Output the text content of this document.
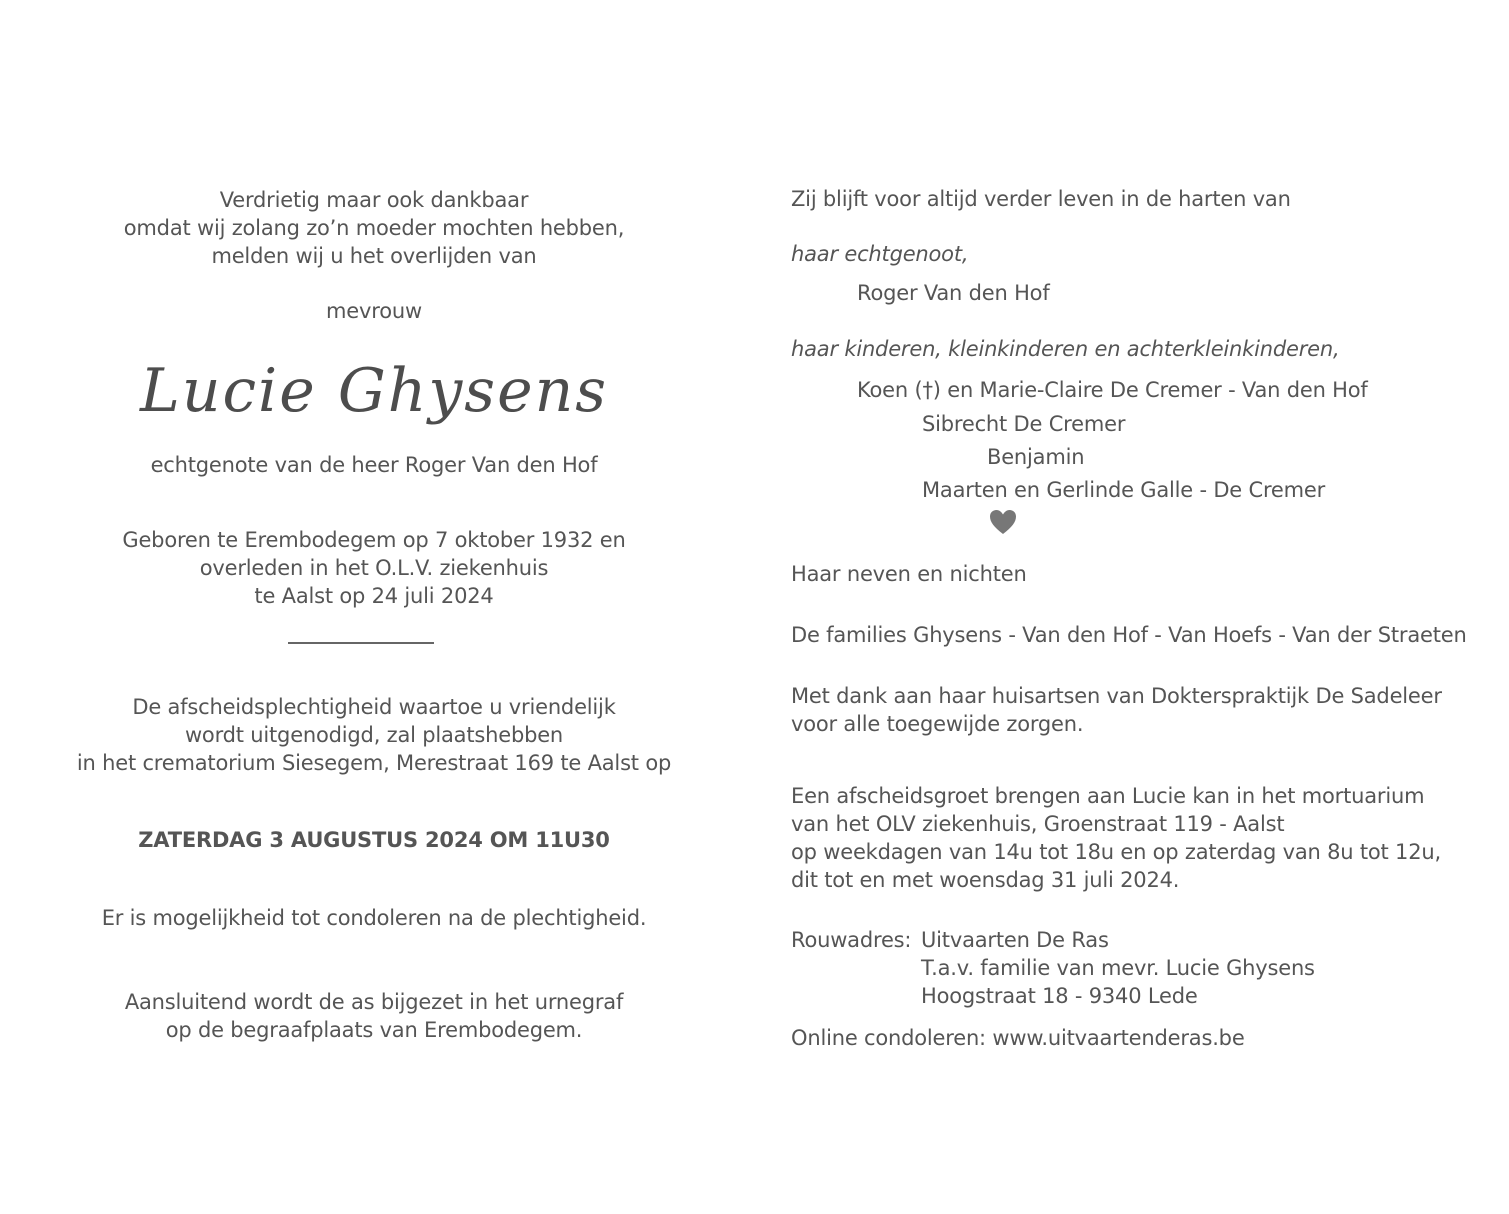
Verdrietig maar ook dankbaar

omdat wij zolang zo’n moeder mochten hebben,

melden wij u het overlijden van

mevrouw

Lucie Ghysens

echtgenote van de heer Roger Van den Hof

Geboren te Erembodegem op 7 oktober 1932 en

overleden in het O.L.V. ziekenhuis

te Aalst op 24 juli 2024

De afscheidsplechtigheid waartoe u vriendelijk

wordt uitgenodigd, zal plaatshebben

in het crematorium Siesegem, Merestraat 169 te Aalst op

ZATERDAG 3 AUGUSTUS 2024 OM 11U30

Er is mogelijkheid tot condoleren na de plechtigheid.

Aansluitend wordt de as bijgezet in het urnegraf

op de begraafplaats van Erembodegem.

Zij blijft voor altijd verder leven in de harten van

haar echtgenoot,

Roger Van den Hof

haar kinderen, kleinkinderen en achterkleinkinderen,

Koen (†) en Marie-Claire De Cremer - Van den Hof

Sibrecht De Cremer

Benjamin

Maarten en Gerlinde Galle - De Cremer

Haar neven en nichten

De families Ghysens - Van den Hof - Van Hoefs - Van der Straeten

Met dank aan haar huisartsen van Dokterspraktijk De Sadeleer

voor alle toegewijde zorgen.

Een afscheidsgroet brengen aan Lucie kan in het mortuarium

van het OLV ziekenhuis, Groenstraat 119 - Aalst

op weekdagen van 14u tot 18u en op zaterdag van 8u tot 12u,

dit tot en met woensdag 31 juli 2024.

Rouwadres: Uitvaarten De Ras

T.a.v. familie van mevr. Lucie Ghysens

Hoogstraat 18 - 9340 Lede

Online condoleren: www.uitvaartenderas.be
